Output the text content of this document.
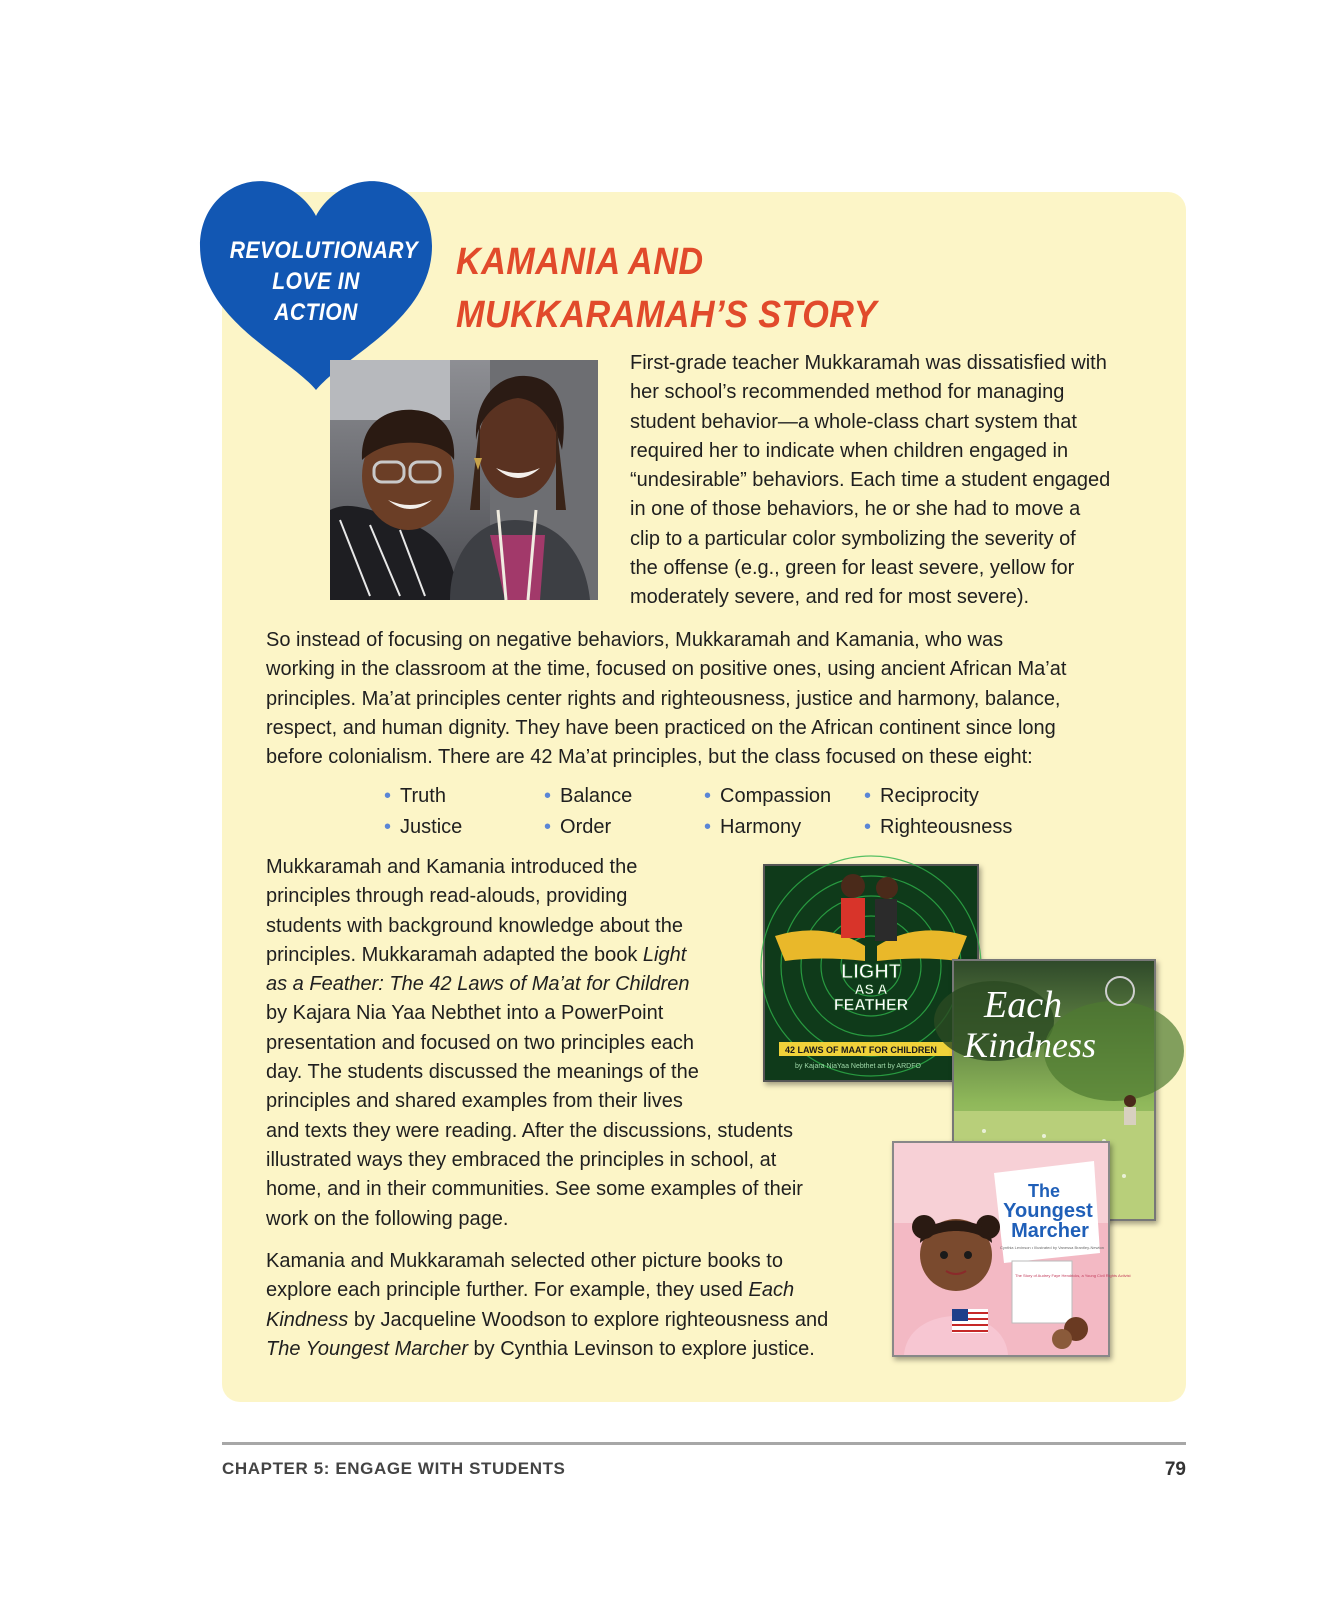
REVOLUTIONARY
LOVE IN
ACTION
KAMANIA AND
MUKKARAMAH’S STORY
First-grade teacher Mukkaramah was dissatisfied with
her school’s recommended method for managing
student behavior—a whole-class chart system that
required her to indicate when children engaged in
“undesirable” behaviors. Each time a student engaged
in one of those behaviors, he or she had to move a
clip to a particular color symbolizing the severity of
the offense (e.g., green for least severe, yellow for
moderately severe, and red for most severe).
So instead of focusing on negative behaviors, Mukkaramah and Kamania, who was
working in the classroom at the time, focused on positive ones, using ancient African Ma’at
principles. Ma’at principles center rights and righteousness, justice and harmony, balance,
respect, and human dignity. They have been practiced on the African continent since long
before colonialism. There are 42 Ma’at principles, but the class focused on these eight:
• Truth
• Justice
• Balance
• Order
• Compassion
• Harmony
• Reciprocity
• Righteousness
Mukkaramah and Kamania introduced the
principles through read-alouds, providing
students with background knowledge about the
principles. Mukkaramah adapted the book Light
as a Feather: The 42 Laws of Ma’at for Children
by Kajara Nia Yaa Nebthet into a PowerPoint
presentation and focused on two principles each
day. The students discussed the meanings of the
principles and shared examples from their lives
and texts they were reading. After the discussions, students
illustrated ways they embraced the principles in school, at
home, and in their communities. See some examples of their
work on the following page.
Kamania and Mukkaramah selected other picture books to
explore each principle further. For example, they used Each
Kindness by Jacqueline Woodson to explore righteousness and
The Youngest Marcher by Cynthia Levinson to explore justice.
LIGHT
AS A
FEATHER
42 LAWS OF MAAT FOR CHILDREN
by Kajara NiaYaa Nebthet art by ARDFO
Each
Kindness
The
Youngest
Marcher
Cynthia Levinson • Illustrated by Vanessa Brantley-Newton
The Story of Audrey Faye Hendricks, a Young Civil Rights Activist
CHAPTER 5: ENGAGE WITH STUDENTS	79
